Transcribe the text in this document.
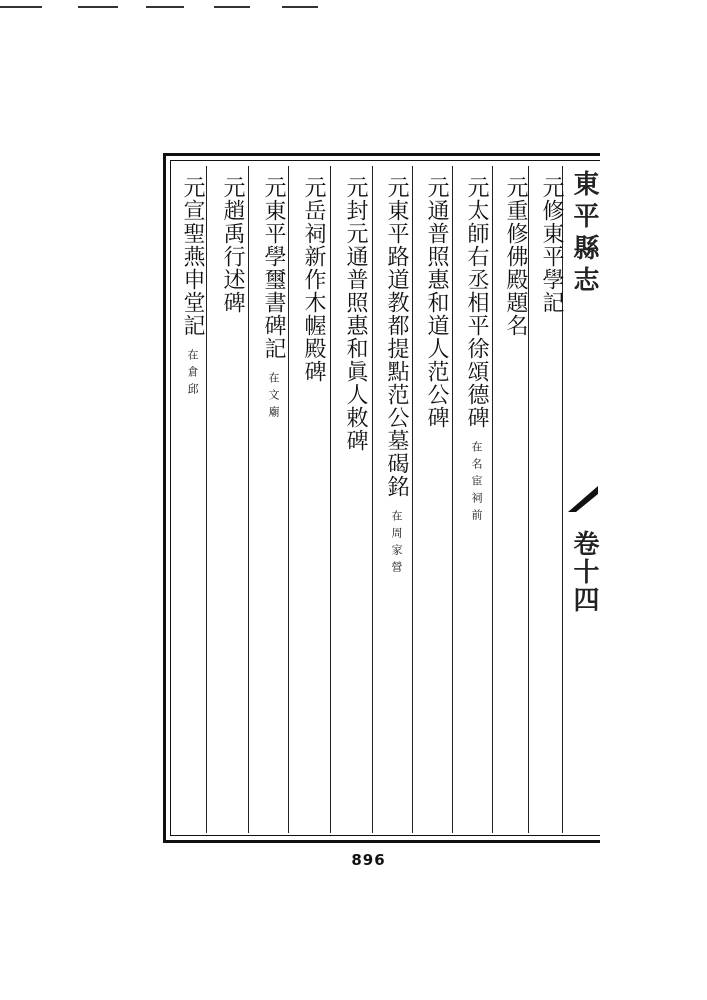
東平縣志
卷十四
元修東平學記
元重修佛殿題名
元太師右丞相平徐頌德碑在名宦祠前
元通普照惠和道人范公碑
元東平路道教都提點范公墓碣銘在周家營
元封元通普照惠和眞人敕碑
元岳祠新作木幄殿碑
元東平學璽書碑記在文廟
元趙禹行述碑
元宣聖燕申堂記在倉邱
896
